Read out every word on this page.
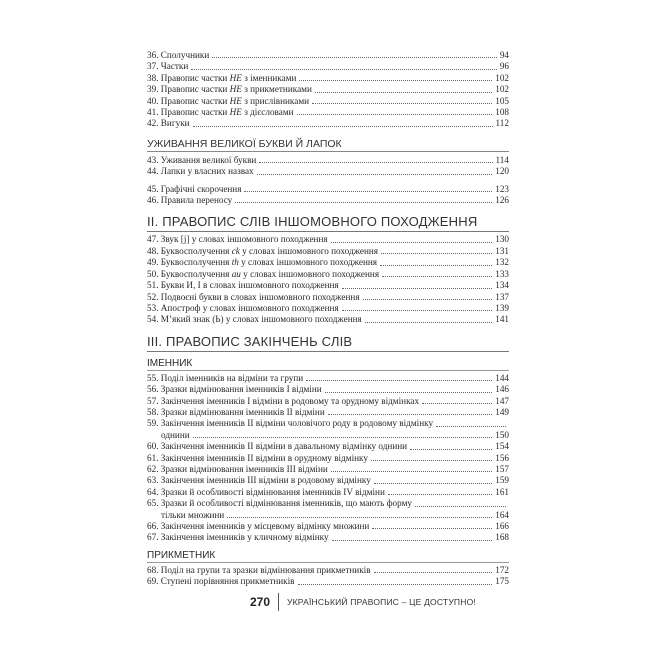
36. Сполучники	94
37. Частки	96
38. Правопис частки НЕ з іменниками	102
39. Правопис частки НЕ з прикметниками	102
40. Правопис частки НЕ з прислівниками	105
41. Правопис частки НЕ з дієсловами	108
42. Вигуки	112
УЖИВАННЯ ВЕЛИКОЇ БУКВИ Й ЛАПОК
43. Уживання великої букви	114
44. Лапки у власних назвах	120
45. Графічні скорочення	123
46. Правила переносу	126
ІІ. ПРАВОПИС СЛІВ ІНШОМОВНОГО ПОХОДЖЕННЯ
47. Звук [j] у словах іншомовного походження	130
48. Буквосполучення ck у словах іншомовного походження	131
49. Буквосполучення th у словах іншомовного походження	132
50. Буквосполучення au у словах іншомовного походження	133
51. Букви И, І в словах іншомовного походження	134
52. Подвоєні букви в словах іншомовного походження	137
53. Апостроф у словах іншомовного походження	139
54. М’який знак (Ь) у словах іншомовного походження	141
ІІІ. ПРАВОПИС ЗАКІНЧЕНЬ СЛІВ
ІМЕННИК
55. Поділ іменників на відміни та групи	144
56. Зразки відмінювання іменників І відміни	146
57. Закінчення іменників І відміни в родовому та орудному відмінках	147
58. Зразки відмінювання іменників ІІ відміни	149
59. Закінчення іменників ІІ відміни чоловічого роду в родовому відмінку
однини	150
60. Закінчення іменників ІІ відміни в давальному відмінку однини	154
61. Закінчення іменників ІІ відміни в орудному відмінку	156
62. Зразки відмінювання іменників ІІІ відміни	157
63. Закінчення іменників ІІІ відміни в родовому відмінку	159
64. Зразки й особливості відмінювання іменників IV відміни	161
65. Зразки й особливості відмінювання іменників, що мають форму
тільки множини	164
66. Закінчення іменників у місцевому відмінку множини	166
67. Закінчення іменників у кличному відмінку	168
ПРИКМЕТНИК
68. Поділ на групи та зразки відмінювання прикметників	172
69. Ступені порівняння прикметників	175
270	УКРАЇНСЬКИЙ ПРАВОПИС – ЦЕ ДОСТУПНО!
